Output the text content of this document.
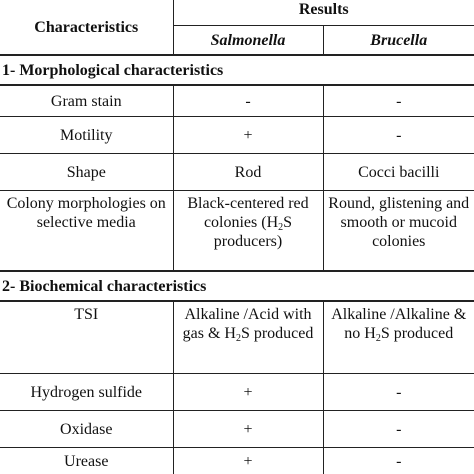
Characteristics	Results	
	Salmonella	Brucella
1- Morphological characteristics		
Gram stain	-	-
Motility	+	-
Shape	Rod	Cocci bacilli
Colony morphologies on selective media	Black-centered red colonies ($H_2S$ producers)	Round, glistening and smooth or mucoid colonies
2- Biochemical characteristics		
TSI	Alkaline /Acid with gas & $H_2S$ produced	Alkaline /Alkaline & no $H_2S$ produced
Hydrogen sulfide	+	-
Oxidase	+	-
Urease	+	-
